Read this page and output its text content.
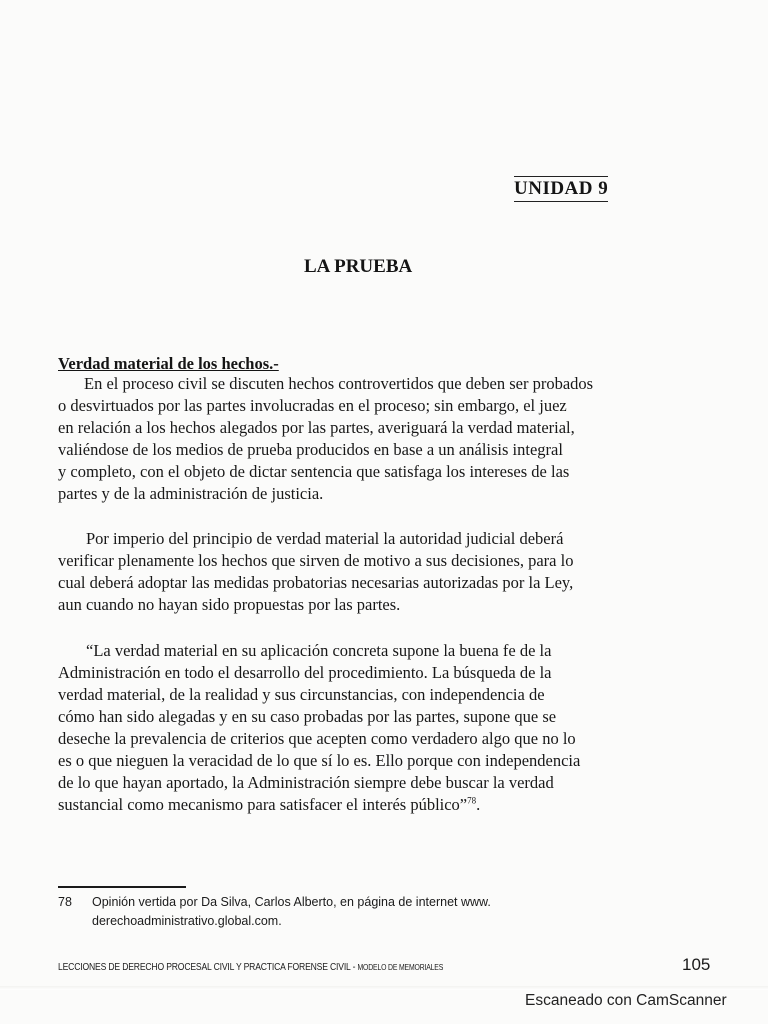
UNIDAD 9
LA PRUEBA
Verdad material de los hechos.-

En el proceso civil se discuten hechos controvertidos que deben ser probados
o desvirtuados por las partes involucradas en el proceso; sin embargo, el juez
en relación a los hechos alegados por las partes, averiguará la verdad material,
valiéndose de los medios de prueba producidos en base a un análisis integral
y completo, con el objeto de dictar sentencia que satisfaga los intereses de las
partes y de la administración de justicia.

Por imperio del principio de verdad material la autoridad judicial deberá
verificar plenamente los hechos que sirven de motivo a sus decisiones, para lo
cual deberá adoptar las medidas probatorias necesarias autorizadas por la Ley,
aun cuando no hayan sido propuestas por las partes.

“La verdad material en su aplicación concreta supone la buena fe de la
Administración en todo el desarrollo del procedimiento. La búsqueda de la
verdad material, de la realidad y sus circunstancias, con independencia de
cómo han sido alegadas y en su caso probadas por las partes, supone que se
deseche la prevalencia de criterios que acepten como verdadero algo que no lo
es o que nieguen la veracidad de lo que sí lo es. Ello porque con independencia
de lo que hayan aportado, la Administración siempre debe buscar la verdad
sustancial como mecanismo para satisfacer el interés público”$^{78}$.

78 Opinión vertida por Da Silva, Carlos Alberto, en página de internet www.
derechoadministrativo.global.com.
LECCIONES DE DERECHO PROCESAL CIVIL Y PRACTICA FORENSE CIVIL - MODELO DE MEMORIALES	105
Escaneado con CamScanner
